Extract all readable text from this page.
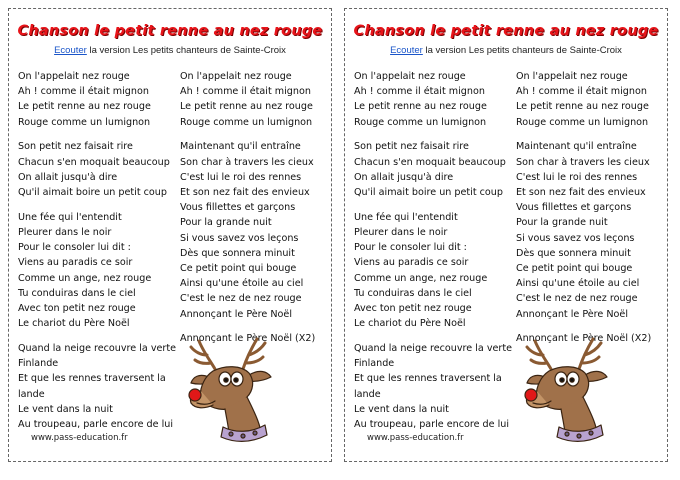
Chanson le petit renne au nez rouge
Ecouter la version Les petits chanteurs de Sainte-Croix
On l'appelait nez rouge
Ah ! comme il était mignon
Le petit renne au nez rouge
Rouge comme un lumignon
Son petit nez faisait rire
Chacun s'en moquait beaucoup
On allait jusqu'à dire
Qu'il aimait boire un petit coup
Une fée qui l'entendit
Pleurer dans le noir
Pour le consoler lui dit :
Viens au paradis ce soir
Comme un ange, nez rouge
Tu conduiras dans le ciel
Avec ton petit nez rouge
Le chariot du Père Noël
Quand la neige recouvre la verte
Finlande
Et que les rennes traversent la
lande
Le vent dans la nuit
Au troupeau, parle encore de lui
On l'appelait nez rouge
Ah ! comme il était mignon
Le petit renne au nez rouge
Rouge comme un lumignon
Maintenant qu'il entraîne
Son char à travers les cieux
C'est lui le roi des rennes
Et son nez fait des envieux
Vous fillettes et garçons
Pour la grande nuit
Si vous savez vos leçons
Dès que sonnera minuit
Ce petit point qui bouge
Ainsi qu'une étoile au ciel
C'est le nez de nez rouge
Annonçant le Père Noël
Annonçant le Père Noël (X2)
www.pass-education.fr
Chanson le petit renne au nez rouge
Ecouter la version Les petits chanteurs de Sainte-Croix
On l'appelait nez rouge
Ah ! comme il était mignon
Le petit renne au nez rouge
Rouge comme un lumignon
Son petit nez faisait rire
Chacun s'en moquait beaucoup
On allait jusqu'à dire
Qu'il aimait boire un petit coup
Une fée qui l'entendit
Pleurer dans le noir
Pour le consoler lui dit :
Viens au paradis ce soir
Comme un ange, nez rouge
Tu conduiras dans le ciel
Avec ton petit nez rouge
Le chariot du Père Noël
Quand la neige recouvre la verte
Finlande
Et que les rennes traversent la
lande
Le vent dans la nuit
Au troupeau, parle encore de lui
On l'appelait nez rouge
Ah ! comme il était mignon
Le petit renne au nez rouge
Rouge comme un lumignon
Maintenant qu'il entraîne
Son char à travers les cieux
C'est lui le roi des rennes
Et son nez fait des envieux
Vous fillettes et garçons
Pour la grande nuit
Si vous savez vos leçons
Dès que sonnera minuit
Ce petit point qui bouge
Ainsi qu'une étoile au ciel
C'est le nez de nez rouge
Annonçant le Père Noël
Annonçant le Père Noël (X2)
www.pass-education.fr
